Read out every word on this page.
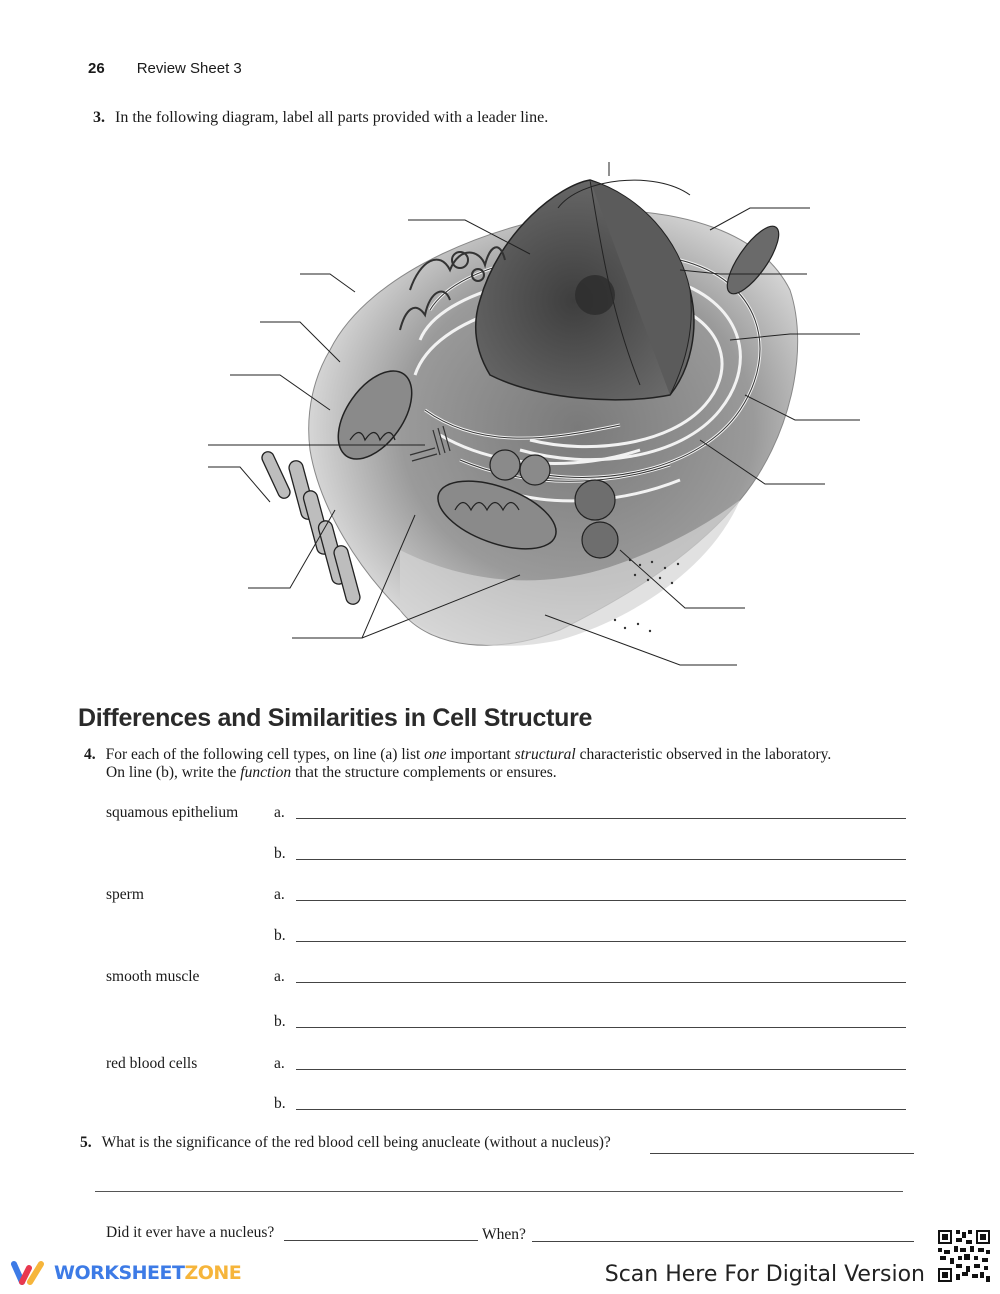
26 Review Sheet 3
3. In the following diagram, label all parts provided with a leader line.
Differences and Similarities in Cell Structure
4. For each of the following cell types, on line (a) list one important structural characteristic observed in the laboratory.
On line (b), write the function that the structure complements or ensures.
squamous epithelium a.
b.
sperm	a.
b.
smooth muscle	a.
b.
red blood cells	a.
b.
5. What is the significance of the red blood cell being anucleate (without a nucleus)?
Did it ever have a nucleus?	When?
WORKSHEETZONE	Scan Here For Digital Version
